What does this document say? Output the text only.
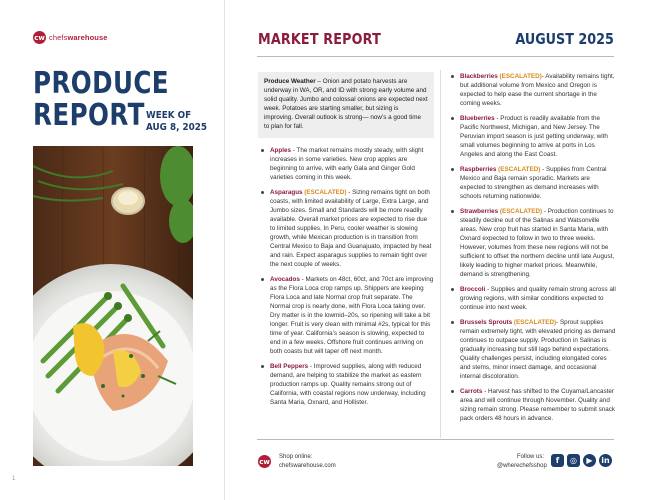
cw chefswarehouse
PRODUCE
REPORT WEEK OF
AUG 8, 2025
1
MARKET REPORT	AUGUST 2025
Produce Weather – Onion and potato harvests are underway in WA, OR, and ID with strong early volume and solid quality. Jumbo and colossal onions are expected next week. Potatoes are starting smaller, but sizing is improving. Overall outlook is strong— now’s a good time to plan for fall.
Apples - The market remains mostly steady, with slight increases in some varieties. New crop apples are beginning to arrive, with early Gala and Ginger Gold varieties coming in this week.
Asparagus (ESCALATED) - Sizing remains tight on both coasts, with limited availability of Large, Extra Large, and Jumbo sizes. Small and Standards will be more readily available. Overall market prices are expected to rise due to limited supplies. In Peru, cooler weather is slowing growth, while Mexican production is in transition from Central Mexico to Baja and Guanajuato, impacted by heat and rain. Expect asparagus supplies to remain tight over the next couple of weeks.
Avocados - Markets on 48ct, 60ct, and 70ct are improving as the Flora Loca crop ramps up. Shippers are keeping Flora Loca and late Normal crop fruit separate. The Normal crop is nearly done, with Flora Loca taking over. Dry matter is in the lowmid–20s, so ripening will take a bit longer. Fruit is very clean with minimal #2s, typical for this time of year. California’s season is slowing, expected to end in a few weeks. Offshore fruit continues arriving on both coasts but will taper off next month.
Bell Peppers - Improved supplies, along with reduced demand, are helping to stabilize the market as eastern production ramps up. Quality remains strong out of California, with coastal regions now underway, including Santa Maria, Oxnard, and Hollister.
Blackberries (ESCALATED)- Availability remains tight, but additional volume from Mexico and Oregon is expected to help ease the current shortage in the coming weeks.
Blueberries - Product is readily available from the Pacific Northwest, Michigan, and New Jersey. The Peruvian import season is just getting underway, with small volumes beginning to arrive at ports in Los Angeles and along the East Coast.
Raspberries (ESCALATED) - Supplies from Central Mexico and Baja remain sporadic. Markets are expected to strengthen as demand increases with schools returning nationwide.
Strawberries (ESCALATED) - Production continues to steadily decline out of the Salinas and Watsonville areas. New crop fruit has started in Santa Maria, with Oxnard expected to follow in two to three weeks. However, volumes from these new regions will not be sufficient to offset the northern decline until late August, likely leading to higher market prices. Meanwhile, demand is strengthening.
Broccoli - Supplies and quality remain strong across all growing regions, with similar conditions expected to continue into next week.
Brussels Sprouts (ESCALATED)- Sprout supplies remain extremely tight, with elevated pricing as demand continues to outpace supply. Production in Salinas is gradually increasing but still lags behind expectations. Quality challenges persist, including elongated cores and stems, minor insect damage, and occasional internal discoloration.
Carrots - Harvest has shifted to the Cuyama/Lancaster area and will continue through November. Quality and sizing remain strong. Please remember to submit snack pack orders 48 hours in advance.
cw
Shop online:
chefswarehouse.com
Follow us:
@wherechefsshop
f	◎	▶	in
